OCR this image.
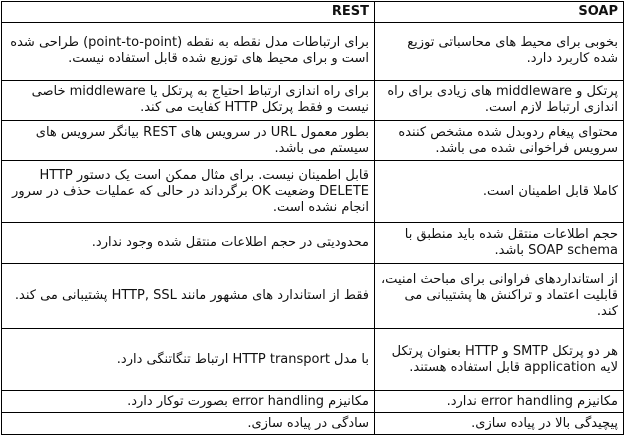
REST	SOAP
برای ارتباطات مدل نقطه به نقطه (point-to-point) طراحی شده است و برای محیط های توزیع شده قابل استفاده نیست.	بخوبی برای محیط های محاسباتی توزیع شده کاربرد دارد.
برای راه اندازی ارتباط احتیاج به پرتکل یا middleware خاصی نیست و فقط پرتکل HTTP کفایت می کند.	پرتکل و middleware های زیادی برای راه اندازی ارتباط لازم است.
بطور معمول URL در سرویس های REST بیانگر سرویس های سیستم می باشد.	محتوای پیغام ردوبدل شده مشخص کننده سرویس فراخوانی شده می باشد.
قابل اطمینان نیست. برای مثال ممکن است یک دستور HTTP DELETE وضعیت OK برگرداند در حالی که عملیات حذف در سرور انجام نشده است.	کاملا قابل اطمینان است.
محدودیتی در حجم اطلاعات منتقل شده وجود ندارد.	حجم اطلاعات منتقل شده باید منطبق با SOAP schema باشد.
فقط از استاندارد های مشهور مانند HTTP, SSL پشتیبانی می کند.	از استانداردهای فراوانی برای مباحث امنیت، قابلیت اعتماد و تراکنش ها پشتیبانی می کند.
با مدل HTTP transport ارتباط تنگاتنگی دارد.	هر دو پرتکل SMTP و HTTP بعنوان پرتکل لایه application قابل استفاده هستند.
مکانیزم error handling بصورت توکار دارد.	مکانیزم error handling ندارد.
سادگی در پیاده سازی.	پیچیدگی بالا در پیاده سازی.
